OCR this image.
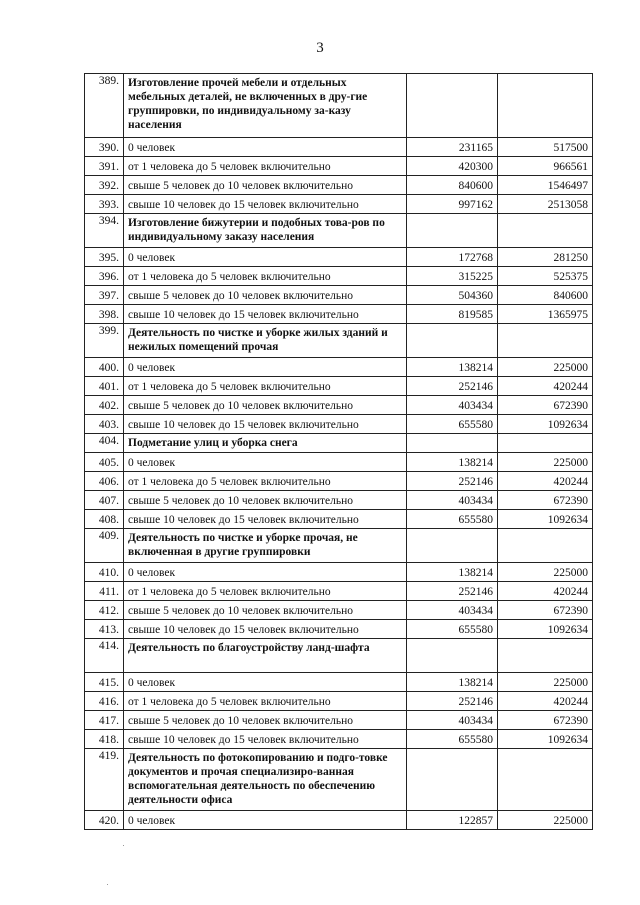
3
389.	Изготовление прочей мебели и отдельных мебельных деталей, не включенных в дру-гие группировки, по индивидуальному за-казу населения		
390.	0 человек	231165	517500
391.	от 1 человека до 5 человек включительно	420300	966561
392.	свыше 5 человек до 10 человек включительно	840600	1546497
393.	свыше 10 человек до 15 человек включительно	997162	2513058
394.	Изготовление бижутерии и подобных това-ров по индивидуальному заказу населения		
395.	0 человек	172768	281250
396.	от 1 человека до 5 человек включительно	315225	525375
397.	свыше 5 человек до 10 человек включительно	504360	840600
398.	свыше 10 человек до 15 человек включительно	819585	1365975
399.	Деятельность по чистке и уборке жилых зданий и нежилых помещений прочая		
400.	0 человек	138214	225000
401.	от 1 человека до 5 человек включительно	252146	420244
402.	свыше 5 человек до 10 человек включительно	403434	672390
403.	свыше 10 человек до 15 человек включительно	655580	1092634
404.	Подметание улиц и уборка снега		
405.	0 человек	138214	225000
406.	от 1 человека до 5 человек включительно	252146	420244
407.	свыше 5 человек до 10 человек включительно	403434	672390
408.	свыше 10 человек до 15 человек включительно	655580	1092634
409.	Деятельность по чистке и уборке прочая, не включенная в другие группировки		
410.	0 человек	138214	225000
411.	от 1 человека до 5 человек включительно	252146	420244
412.	свыше 5 человек до 10 человек включительно	403434	672390
413.	свыше 10 человек до 15 человек включительно	655580	1092634
414.	Деятельность по благоустройству ланд-шафта		
415.	0 человек	138214	225000
416.	от 1 человека до 5 человек включительно	252146	420244
417.	свыше 5 человек до 10 человек включительно	403434	672390
418.	свыше 10 человек до 15 человек включительно	655580	1092634
419.	Деятельность по фотокопированию и подго-товке документов и прочая специализиро-ванная вспомогательная деятельность по обеспечению деятельности офиса		
420.	0 человек	122857	225000
